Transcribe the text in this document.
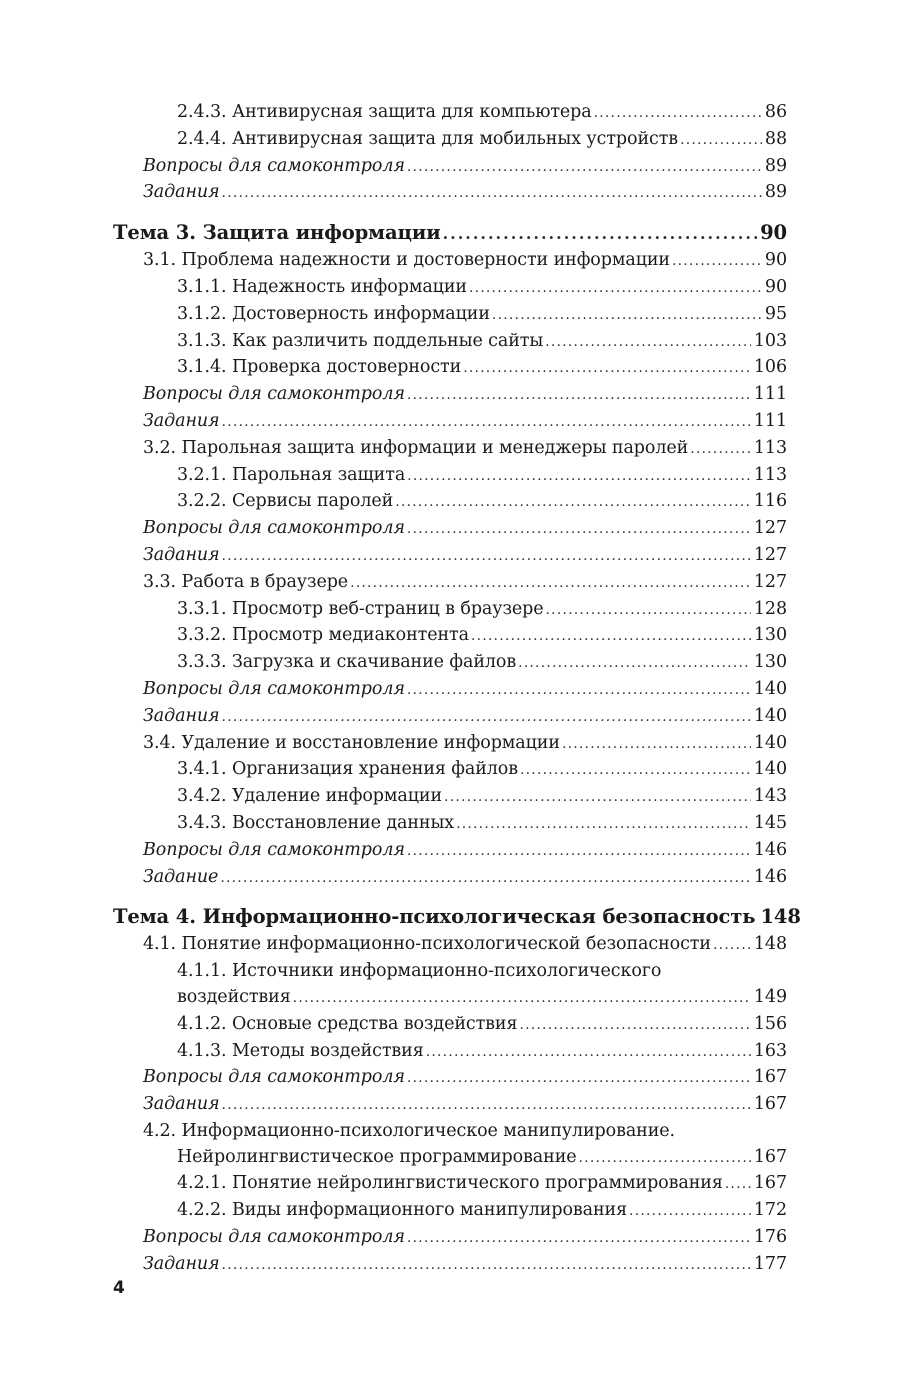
2.4.3. Антивирусная защита для компьютера .....	86
2.4.4. Антивирусная защита для мобильных устройств .....	88
Вопросы для самоконтроля .....	89
Задания .....	89
Тема 3. Защита информации .....	90
3.1. Проблема надежности и достоверности информации .....	90
3.1.1. Надежность информации .....	90
3.1.2. Достоверность информации .....	95
3.1.3. Как различить поддельные сайты .....	103
3.1.4. Проверка достоверности .....	106
Вопросы для самоконтроля .....	111
Задания .....	111
3.2. Парольная защита информации и менеджеры паролей .....	113
3.2.1. Парольная защита .....	113
3.2.2. Сервисы паролей .....	116
Вопросы для самоконтроля .....	127
Задания .....	127
3.3. Работа в браузере .....	127
3.3.1. Просмотр веб-страниц в браузере .....	128
3.3.2. Просмотр медиаконтента .....	130
3.3.3. Загрузка и скачивание файлов .....	130
Вопросы для самоконтроля .....	140
Задания .....	140
3.4. Удаление и восстановление информации .....	140
3.4.1. Организация хранения файлов .....	140
3.4.2. Удаление информации .....	143
3.4.3. Восстановление данных .....	145
Вопросы для самоконтроля .....	146
Задание .....	146
Тема 4. Информационно-психологическая безопасность 148
4.1. Понятие информационно-психологической безопасности ..... 148
4.1.1. Источники информационно-психологического
воздействия .....	149
4.1.2. Основые средства воздействия .....	156
4.1.3. Методы воздействия .....	163
Вопросы для самоконтроля .....	167
Задания .....	167
4.2. Информационно-психологическое манипулирование.
Нейролингвистическое программирование .....	167
4.2.1. Понятие нейролингвистического программирования ..... 167
4.2.2. Виды информационного манипулирования .....	172
Вопросы для самоконтроля .....	176
Задания .....	177
4
